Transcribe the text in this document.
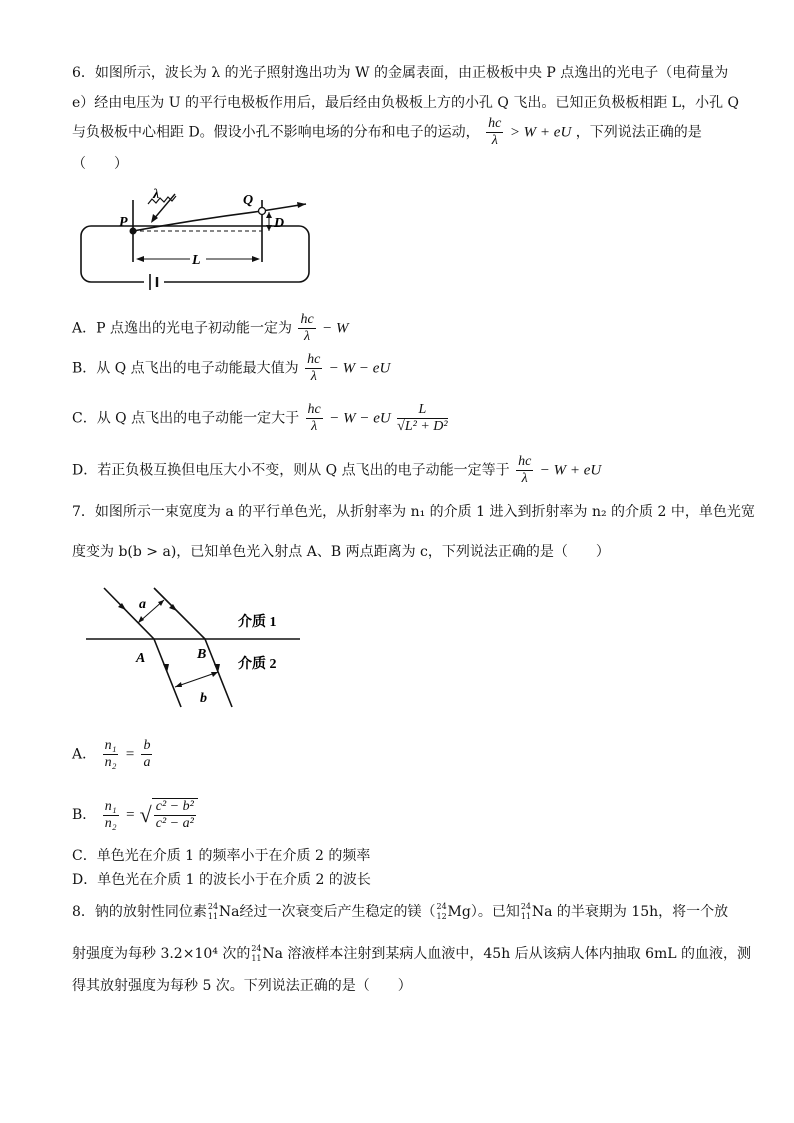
6．如图所示，波长为 λ 的光子照射逸出功为 W 的金属表面，由正极板中央 P 点逸出的光电子（电荷量为
e）经由电压为 U 的平行电极板作用后，最后经由负极板上方的小孔 Q 飞出。已知正负极板相距 L，小孔 Q
与负极板中心相距 D。假设小孔不影响电场的分布和电子的运动， $\frac{hc}{\lambda} > W$ + eU ，下列说法正确的是
（　　）
λ
P
Q
D
L
A．P 点逸出的光电子初动能一定为 $\frac{hc}{\lambda} - W$
B．从 Q 点飞出的电子动能最大值为 $\frac{hc}{\lambda} - W$ − eU
C．从 Q 点飞出的电子动能一定大于 $\frac{hc}{\lambda} - W$ − eU $\frac{L}{\text{√L² + D²}}$
D．若正负极互换但电压大小不变，则从 Q 点飞出的电子动能一定等于 $\frac{hc}{\lambda} - W$ + eU
7．如图所示一束宽度为 a 的平行单色光，从折射率为 n₁ 的介质 1 进入到折射率为 n₂ 的介质 2 中，单色光宽
度变为 b(b > a)，已知单色光入射点 A、B 两点距离为 c，下列说法正确的是（　　）
a
b
A	B
介质 1
介质 2
A． $\frac{\text{n₁}}{\text{n₂}} = \frac{b}{a}$
B． $\frac{\text{n₁}}{\text{n₂}}$ = √ $\frac{\text{c² − b²}}{\text{c² − a²}}$
C．单色光在介质 1 的频率小于在介质 2 的频率
D．单色光在介质 1 的波长小于在介质 2 的波长
8．钠的放射性同位素 24
11 Na经过一次衰变后产生稳定的镁（ 24
12 Mg）。已知 24
11 Na 的半衰期为 15h，将一个放
射强度为每秒 3.2×10⁴ 次的 24
11 Na 溶液样本注射到某病人血液中，45h 后从该病人体内抽取 6mL 的血液，测
得其放射强度为每秒 5 次。下列说法正确的是（　　）
